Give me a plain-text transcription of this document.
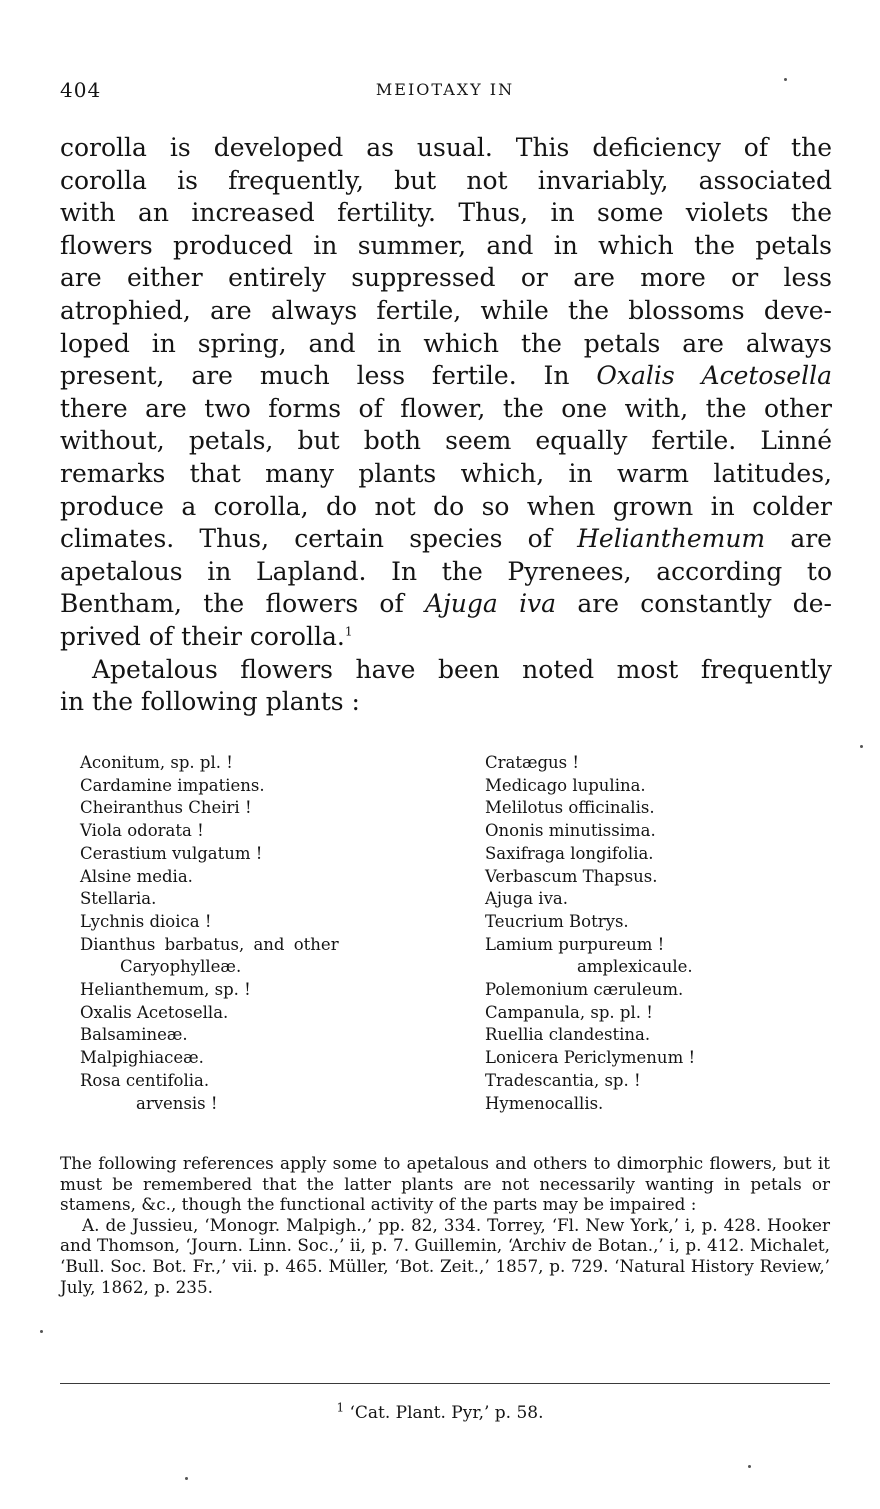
404	MEIOTAXY IN

corolla is developed as usual. This deficiency of the
corolla is frequently, but not invariably, associated
with an increased fertility. Thus, in some violets the
flowers produced in summer, and in which the petals
are either entirely suppressed or are more or less
atrophied, are always fertile, while the blossoms deve-
loped in spring, and in which the petals are always
present, are much less fertile. In Oxalis Acetosella
there are two forms of flower, the one with, the other
without, petals, but both seem equally fertile. Linné
remarks that many plants which, in warm latitudes,
produce a corolla, do not do so when grown in colder
climates. Thus, certain species of Helianthemum are
apetalous in Lapland. In the Pyrenees, according to
Bentham, the flowers of Ajuga iva are constantly de-
prived of their corolla.$^1$

Apetalous flowers have been noted most frequently
in the following plants :

Aconitum, sp. pl. !
Cardamine impatiens.
Cheiranthus Cheiri !
Viola odorata !
Cerastium vulgatum !
Alsine media.
Stellaria.
Lychnis dioica !
Dianthus barbatus, and other
Caryophylleæ.
Helianthemum, sp. !
Oxalis Acetosella.
Balsamineæ.
Malpighiaceæ.
Rosa centifolia.
arvensis !
Cratægus !
Medicago lupulina.
Melilotus officinalis.
Ononis minutissima.
Saxifraga longifolia.
Verbascum Thapsus.
Ajuga iva.
Teucrium Botrys.
Lamium purpureum !
amplexicaule.
Polemonium cæruleum.
Campanula, sp. pl. !
Ruellia clandestina.
Lonicera Periclymenum !
Tradescantia, sp. !
Hymenocallis.

The following references apply some to apetalous and others to dimorphic flowers, but it must be remembered that the latter plants are not necessarily wanting in petals or stamens, &c., though the functional activity of the parts may be impaired :

A. de Jussieu, ‘Monogr. Malpigh.,’ pp. 82, 334. Torrey, ‘Fl. New York,’ i, p. 428. Hooker and Thomson, ‘Journ. Linn. Soc.,’ ii, p. 7. Guillemin, ‘Archiv de Botan.,’ i, p. 412. Michalet, ‘Bull. Soc. Bot. Fr.,’ vii. p. 465. Müller, ‘Bot. Zeit.,’ 1857, p. 729. ‘Natural History Review,’ July, 1862, p. 235.

$^1$ ‘Cat. Plant. Pyr,’ p. 58.
